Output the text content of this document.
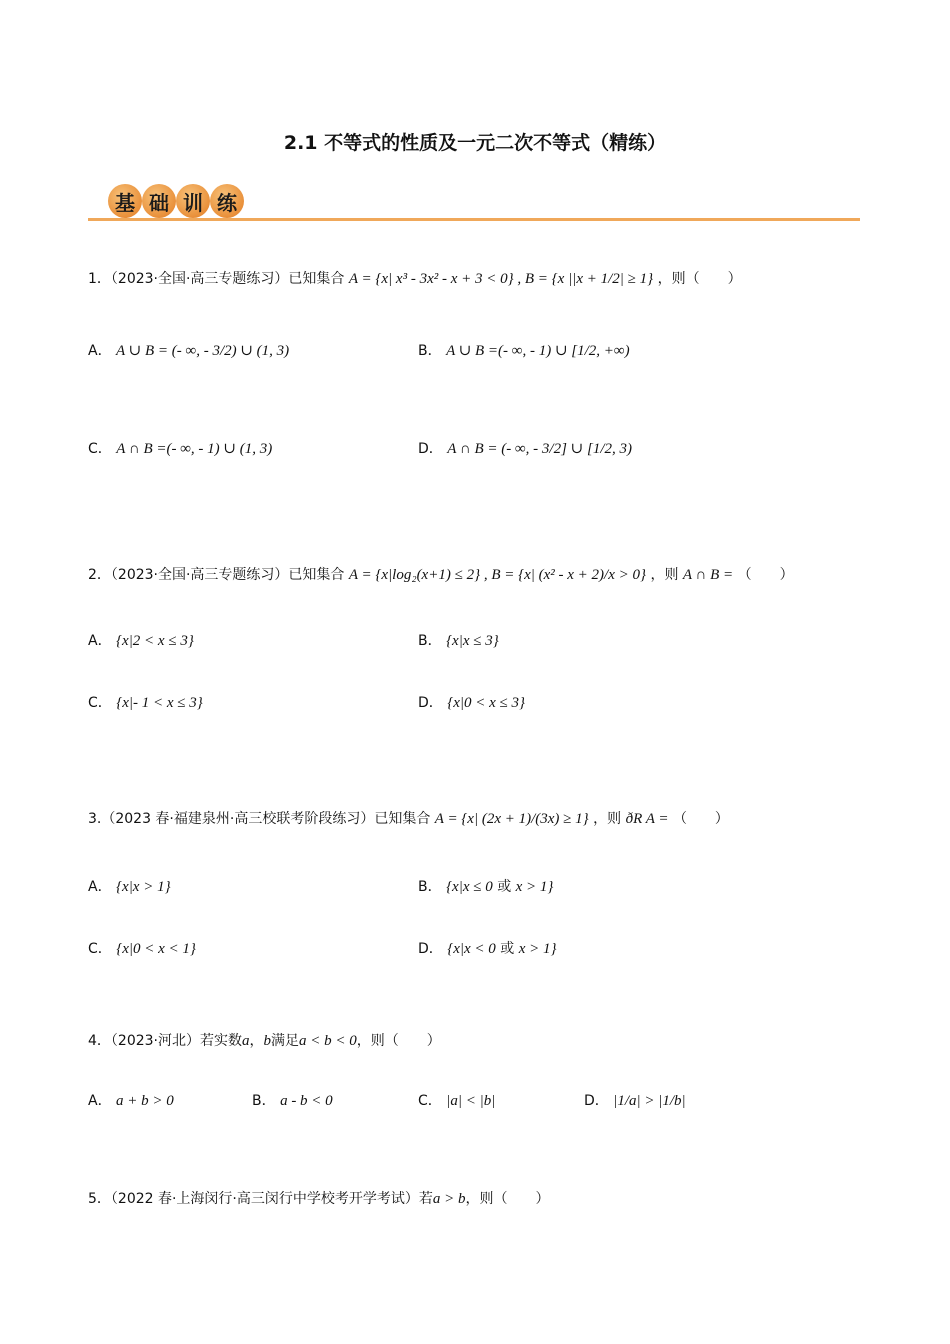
2.1 不等式的性质及一元二次不等式（精练）
基 础 训 练
1．（2023·全国·高三专题练习）已知集合 A = {x| x³ - 3x² - x + 3 < 0} , B = {x ||x + 1/2| ≥ 1} ，则（　　）
A． A ∪ B = (- ∞, - 3/2) ∪ (1, 3)	B． A ∪ B =(- ∞, - 1) ∪ [1/2, +∞)
C． A ∩ B =(- ∞, - 1) ∪ (1, 3)	D． A ∩ B = (- ∞, - 3/2] ∪ [1/2, 3)
2．（2023·全国·高三专题练习）已知集合 A = {x|log₂(x+1) ≤ 2} , B = {x| (x² - x + 2)/x > 0} ，则 A ∩ B = （　　）
A． {x|2 < x ≤ 3}	B． {x|x ≤ 3}
C． {x|- 1 < x ≤ 3}	D． {x|0 < x ≤ 3}
3.（2023 春·福建泉州·高三校联考阶段练习）已知集合 A = {x| (2x + 1)/(3x) ≥ 1} ，则 ðR A = （　　）
A． {x|x > 1}	B． {x|x ≤ 0 或 x > 1}
C． {x|0 < x < 1}	D． {x|x < 0 或 x > 1}
4．（2023·河北）若实数a，b满足a < b < 0，则（　　）
A． a + b > 0	B． a - b < 0	C． |a| < |b|	D． |1/a| > |1/b|
5．（2022 春·上海闵行·高三闵行中学校考开学考试）若a > b，则（　　）
